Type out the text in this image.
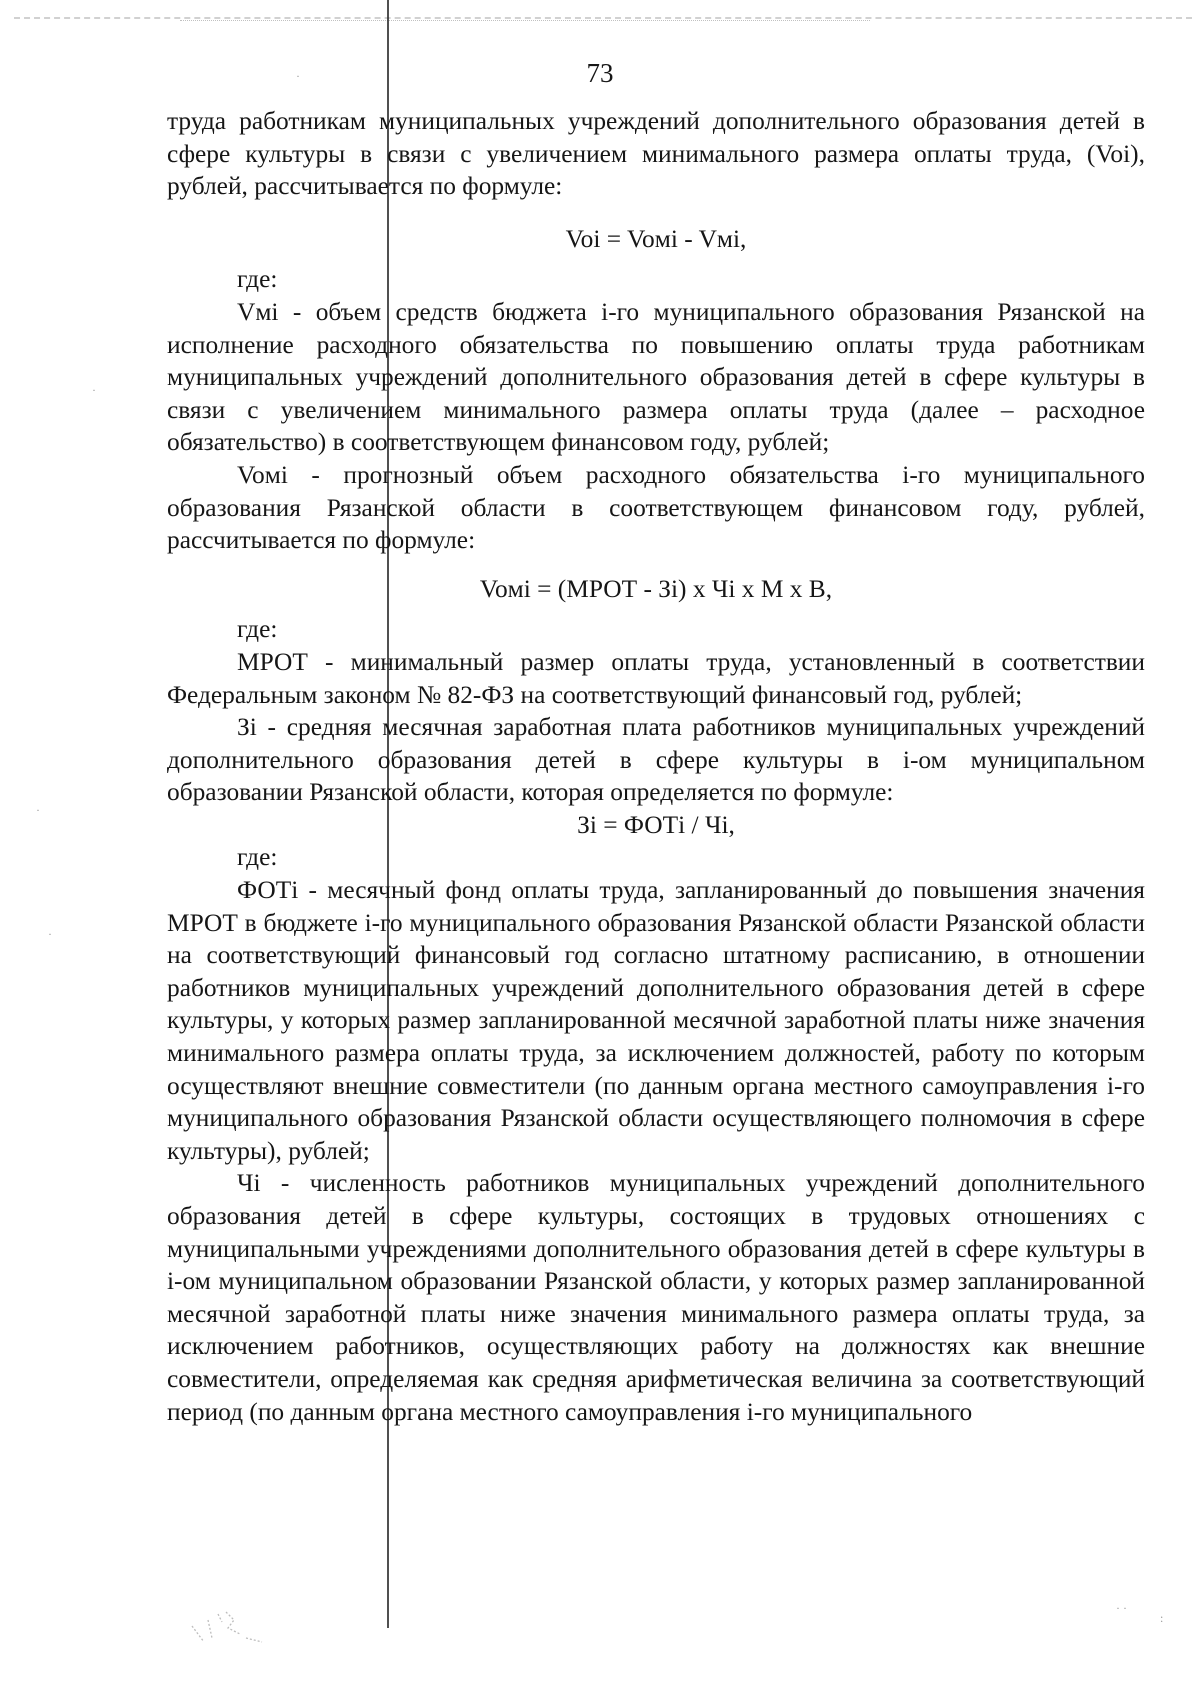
73

труда работникам муниципальных учреждений дополнительного образования детей в сфере культуры в связи с увеличением минимального размера оплаты труда, (Voi), рублей, рассчитывается по формуле:

Voi = Voмi - Vмi,

где:

Vмi - объем средств бюджета i-го муниципального образования Рязанской на исполнение расходного обязательства по повышению оплаты труда работникам муниципальных учреждений дополнительного образования детей в сфере культуры в связи с увеличением минимального размера оплаты труда (далее – расходное обязательство) в соответствующем финансовом году, рублей;

Voмi - прогнозный объем расходного обязательства i-го муниципального образования Рязанской области в соответствующем финансовом году, рублей, рассчитывается по формуле:

Voмi = (МРОТ - Зi) х Чi х М х В,

где:

МРОТ - минимальный размер оплаты труда, установленный в соответствии Федеральным законом № 82-ФЗ на соответствующий финансовый год, рублей;

Зi - средняя месячная заработная плата работников муниципальных учреждений дополнительного образования детей в сфере культуры в i-ом муниципальном образовании Рязанской области, которая определяется по формуле:

Зi = ФОТi / Чi,

где:

ФОТi - месячный фонд оплаты труда, запланированный до повышения значения МРОТ в бюджете i-го муниципального образования Рязанской области Рязанской области на соответствующий финансовый год согласно штатному расписанию, в отношении работников муниципальных учреждений дополнительного образования детей в сфере культуры, у которых размер запланированной месячной заработной платы ниже значения минимального размера оплаты труда, за исключением должностей, работу по которым осуществляют внешние совместители (по данным органа местного самоуправления i-го муниципального образования Рязанской области осуществляющего полномочия в сфере культуры), рублей;

Чi - численность работников муниципальных учреждений дополнительного образования детей в сфере культуры, состоящих в трудовых отношениях с муниципальными учреждениями дополнительного образования детей в сфере культуры в i-ом муниципальном образовании Рязанской области, у которых размер запланированной месячной заработной платы ниже значения минимального размера оплаты труда, за исключением работников, осуществляющих работу на должностях как внешние совместители, определяемая как средняя арифметическая величина за соответствующий период (по данным органа местного самоуправления i-го муниципального

·
·
·
·
· ·
:
